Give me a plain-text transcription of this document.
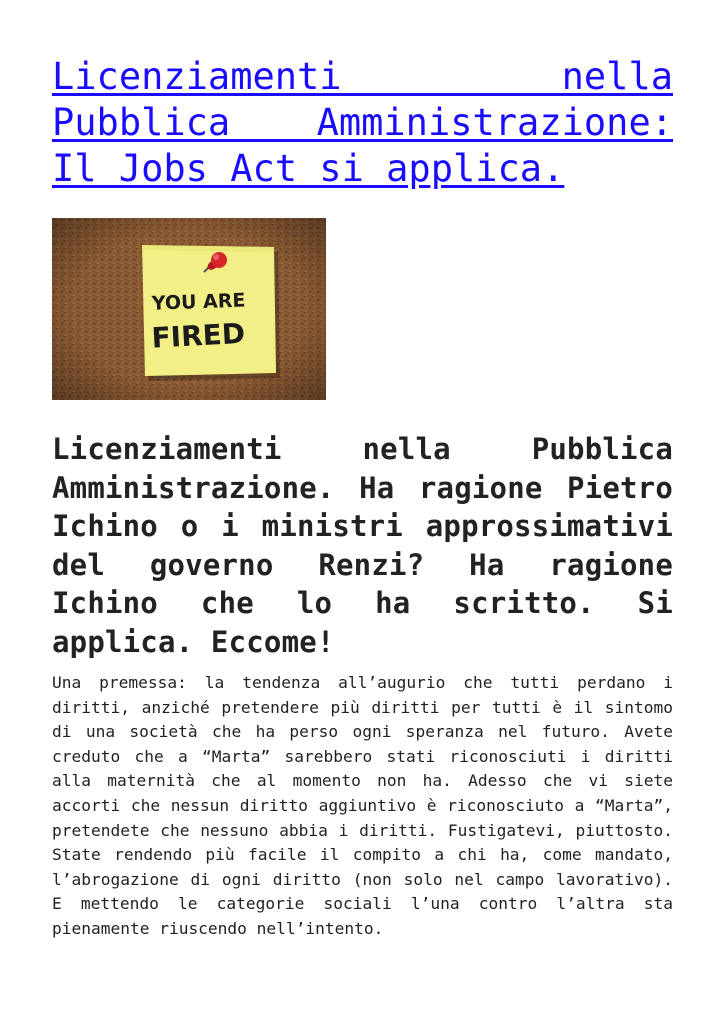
Licenziamenti nella Pubblica Amministrazione: Il Jobs Act si applica.
YOU ARE
FIRED
Licenziamenti nella Pubblica Amministrazione. Ha ragione Pietro Ichino o i ministri approssimativi del governo Renzi? Ha ragione Ichino che lo ha scritto. Si applica. Eccome!

Una premessa: la tendenza all’augurio che tutti perdano i diritti, anziché pretendere più diritti per tutti è il sintomo di una società che ha perso ogni speranza nel futuro. Avete creduto che a “Marta” sarebbero stati riconosciuti i diritti alla maternità che al momento non ha. Adesso che vi siete accorti che nessun diritto aggiuntivo è riconosciuto a “Marta”, pretendete che nessuno abbia i diritti. Fustigatevi, piuttosto. State rendendo più facile il compito a chi ha, come mandato, l’abrogazione di ogni diritto (non solo nel campo lavorativo). E mettendo le categorie sociali l’una contro l’altra sta pienamente riuscendo nell’intento.
